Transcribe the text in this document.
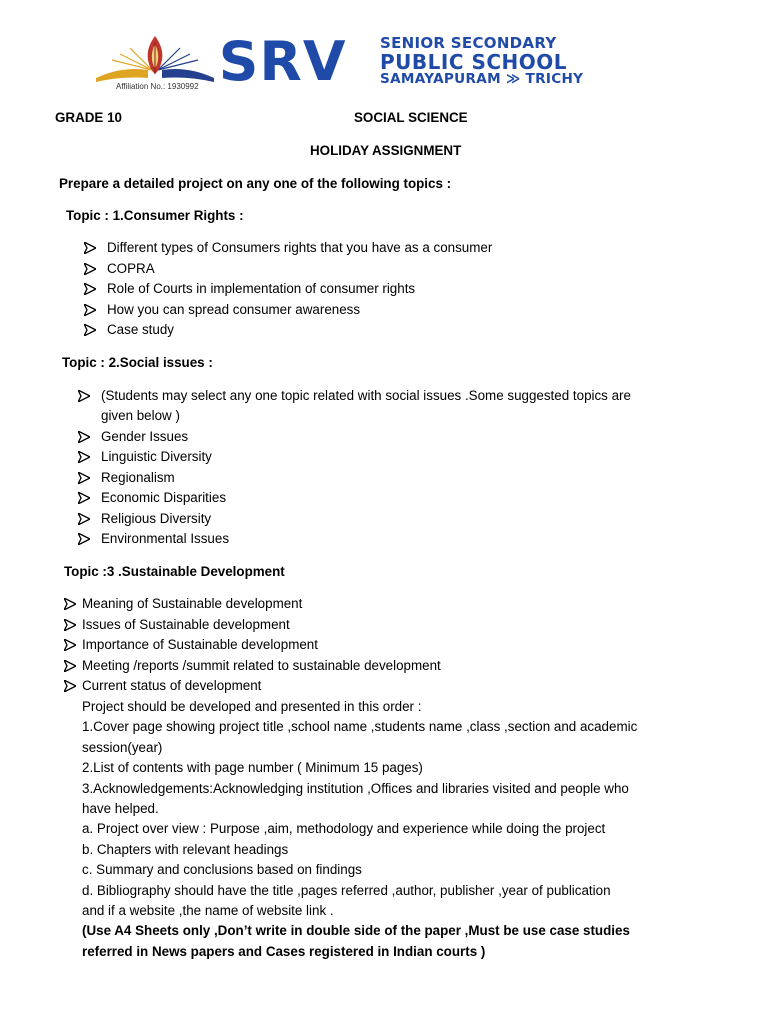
Affiliation No.: 1930992 SRV SENIOR SECONDARY
PUBLIC SCHOOL
SAMAYAPURAM ≫ TRICHY
GRADE 10	SOCIAL SCIENCE
HOLIDAY ASSIGNMENT
Prepare a detailed project on any one of the following topics :
Topic : 1.Consumer Rights :
Different types of Consumers rights that you have as a consumer
COPRA
Role of Courts in implementation of consumer rights
How you can spread consumer awareness
Case study
Topic : 2.Social issues :
(Students may select any one topic related with social issues .Some suggested topics are
given below )
Gender Issues
Linguistic Diversity
Regionalism
Economic Disparities
Religious Diversity
Environmental Issues
Topic :3 .Sustainable Development
Meaning of Sustainable development
Issues of Sustainable development
Importance of Sustainable development
Meeting /reports /summit related to sustainable development
Current status of development
Project should be developed and presented in this order :
1.Cover page showing project title ,school name ,students name ,class ,section and academic
session(year)
2.List of contents with page number ( Minimum 15 pages)
3.Acknowledgements:Acknowledging institution ,Offices and libraries visited and people who
have helped.
a. Project over view : Purpose ,aim, methodology and experience while doing the project
b. Chapters with relevant headings
c. Summary and conclusions based on findings
d. Bibliography should have the title ,pages referred ,author, publisher ,year of publication
and if a website ,the name of website link .
(Use A4 Sheets only ,Don’t write in double side of the paper ,Must be use case studies
referred in News papers and Cases registered in Indian courts )
